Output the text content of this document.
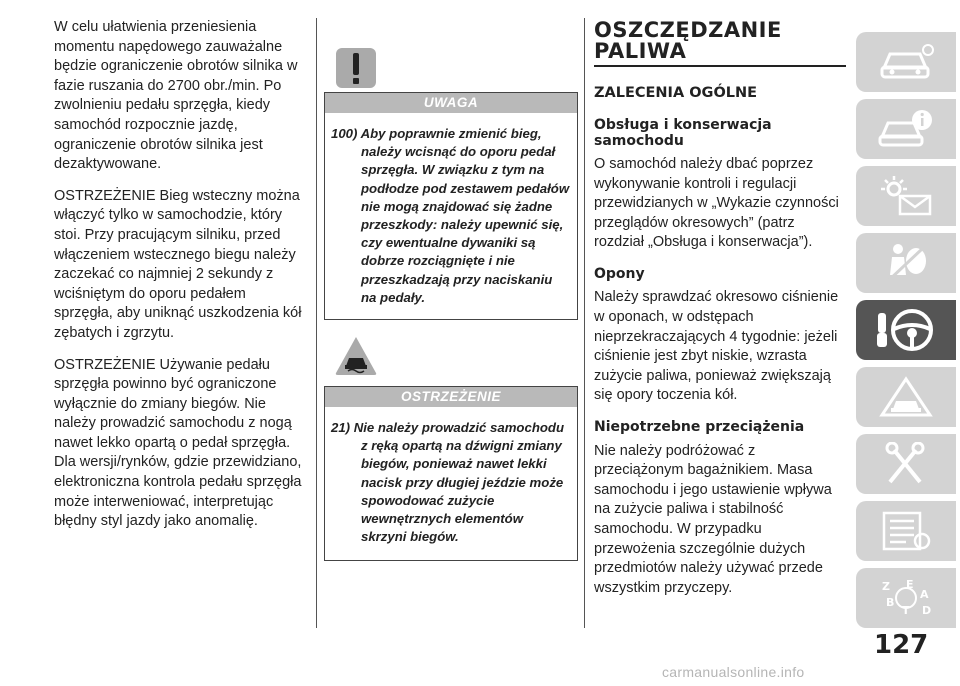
W celu ułatwienia przeniesienia momentu napędowego zauważalne będzie ograniczenie obrotów silnika w fazie ruszania do 2700 obr./min. Po zwolnieniu pedału sprzęgła, kiedy samochód rozpocznie jazdę, ograniczenie obrotów silnika jest dezaktywowane.

OSTRZEŻENIE Bieg wsteczny można włączyć tylko w samochodzie, który stoi. Przy pracującym silniku, przed włączeniem wstecznego biegu należy zaczekać co najmniej 2 sekundy z wciśniętym do oporu pedałem sprzęgła, aby uniknąć uszkodzenia kół zębatych i zgrzytu.

OSTRZEŻENIE Używanie pedału sprzęgła powinno być ograniczone wyłącznie do zmiany biegów. Nie należy prowadzić samochodu z nogą nawet lekko opartą o pedał sprzęgła. Dla wersji/rynków, gdzie przewidziano, elektroniczna kontrola pedału sprzęgła może interweniować, interpretując błędny styl jazdy jako anomalię.

UWAGA
100) Aby poprawnie zmienić bieg, należy wcisnąć do oporu pedał sprzęgła. W związku z tym na podłodze pod zestawem pedałów nie mogą znajdować się żadne przeszkody: należy upewnić się, czy ewentualne dywaniki są dobrze rozciągnięte i nie przeszkadzają przy naciskaniu na pedały.
OSTRZEŻENIE
21) Nie należy prowadzić samochodu z ręką opartą na dźwigni zmiany biegów, ponieważ nawet lekki nacisk przy długiej jeździe może spowodować zużycie wewnętrznych elementów skrzyni biegów.
OSZCZĘDZANIE
PALIWA
ZALECENIA OGÓLNE
Obsługa i konserwacja samochodu

O samochód należy dbać poprzez wykonywanie kontroli i regulacji przewidzianych w „Wykazie czynności przeglądów okresowych” (patrz rozdział „Obsługa i konserwacja”).

Opony

Należy sprawdzać okresowo ciśnienie w oponach, w odstępach nieprzekraczających 4 tygodnie: jeżeli ciśnienie jest zbyt niskie, wzrasta zużycie paliwa, ponieważ zwiększają się opory toczenia kół.

Niepotrzebne przeciążenia

Nie należy podróżować z przeciążonym bagażnikiem. Masa samochodu i jego ustawienie wpływa na zużycie paliwa i stabilność samochodu. W przypadku przewożenia szczególnie dużych przedmiotów należy używać przede wszystkim przyczepy.	Z E
A
B
T D
127
carmanualsonline.info
